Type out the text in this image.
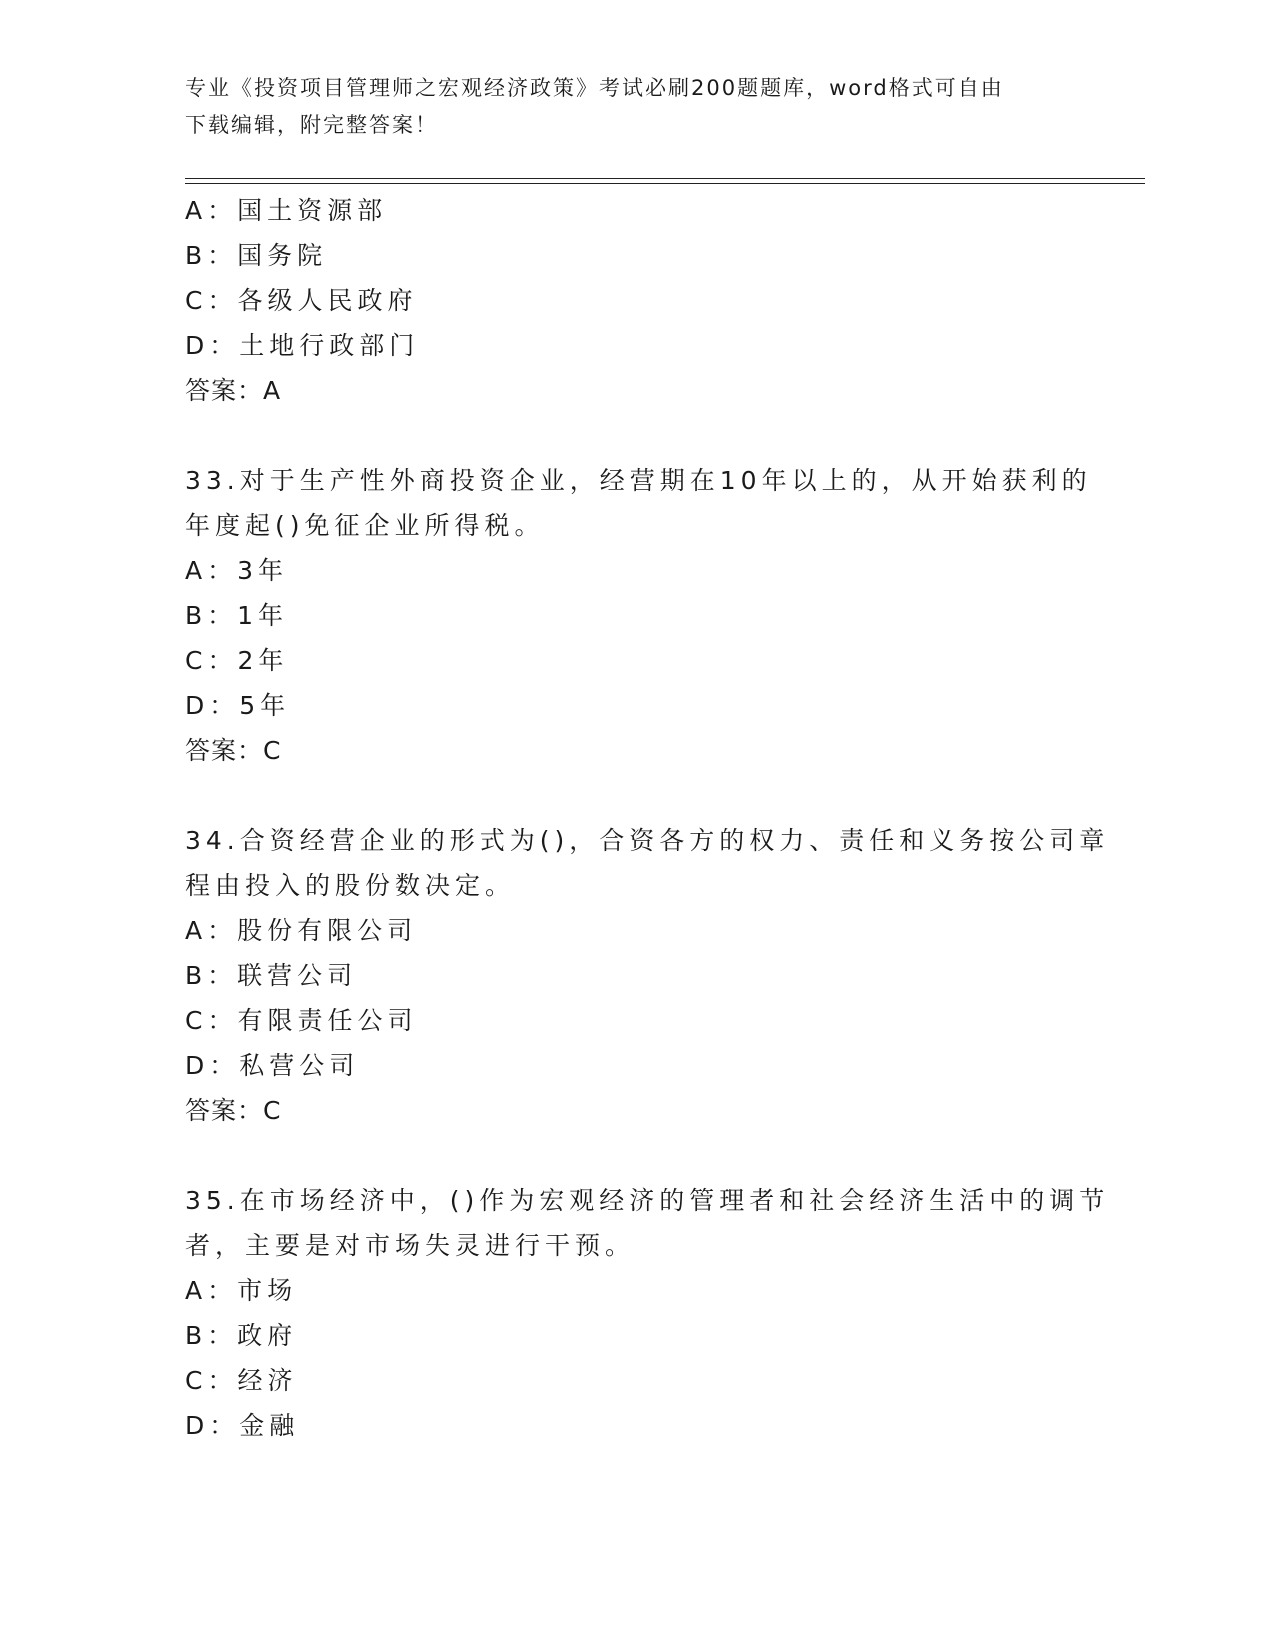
专业《投资项目管理师之宏观经济政策》考试必刷200题题库，word格式可自由
下载编辑，附完整答案！
A：国土资源部
B：国务院
C：各级人民政府
D：土地行政部门
答案：A
33.对于生产性外商投资企业，经营期在10年以上的，从开始获利的
年度起()免征企业所得税。
A：3年
B：1年
C：2年
D：5年
答案：C
34.合资经营企业的形式为()，合资各方的权力、责任和义务按公司章
程由投入的股份数决定。
A：股份有限公司
B：联营公司
C：有限责任公司
D：私营公司
答案：C
35.在市场经济中，()作为宏观经济的管理者和社会经济生活中的调节
者，主要是对市场失灵进行干预。
A：市场
B：政府
C：经济
D：金融
